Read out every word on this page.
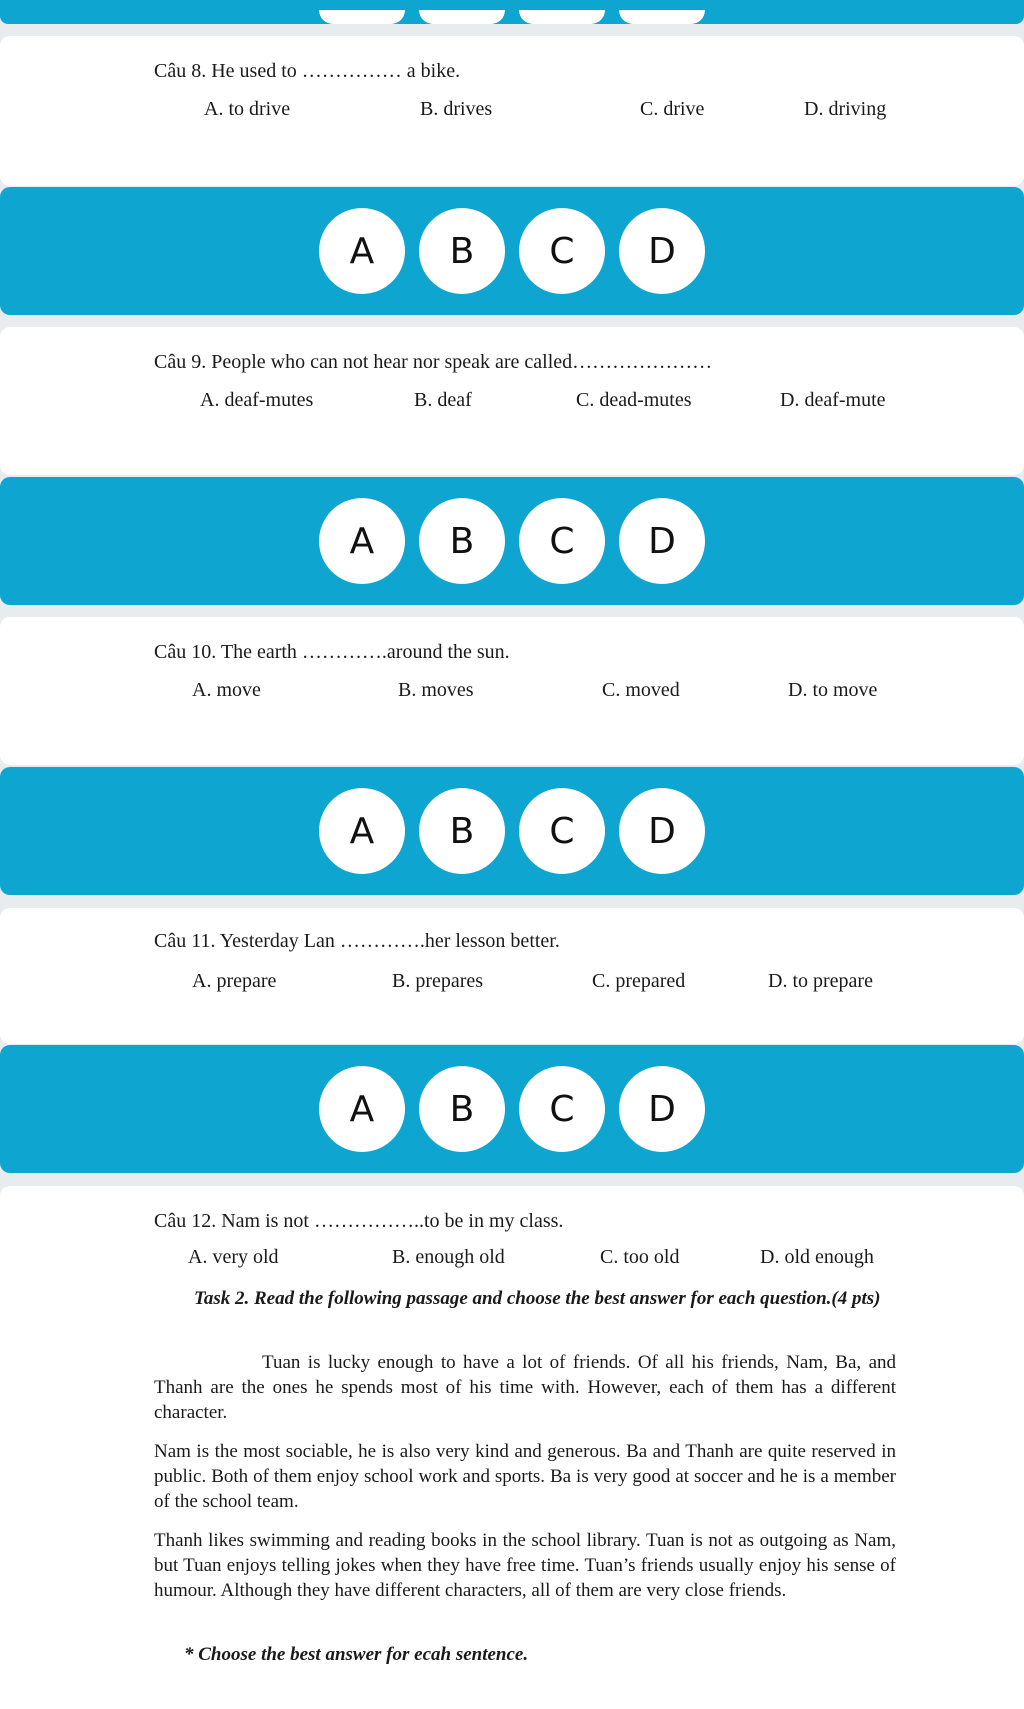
Câu 8. He used to …………… a bike.
A. to drive	B. drives	C. drive	D. driving
A	B	C	D
Câu 9. People who can not hear nor speak are called…………………
A. deaf-mutes	B. deaf	C. dead-mutes	D. deaf-mute
A	B	C	D
Câu 10. The earth ………….around the sun.
A. move	B. moves	C. moved	D. to move
A	B	C	D
Câu 11. Yesterday Lan ………….her lesson better.
A. prepare	B. prepares	C. prepared	D. to prepare
A	B	C	D
Câu 12. Nam is not ……………..to be in my class.
A. very old	B. enough old	C. too old	D. old enough
Task 2. Read the following passage and choose the best answer for each question.(4 pts)
Tuan is lucky enough to have a lot of friends. Of all his friends, Nam, Ba, and Thanh are the ones he spends most of his time with. However, each of them has a different character.
Nam is the most sociable, he is also very kind and generous. Ba and Thanh are quite reserved in public. Both of them enjoy school work and sports. Ba is very good at soccer and he is a member of the school team.
Thanh likes swimming and reading books in the school library. Tuan is not as outgoing as Nam, but Tuan enjoys telling jokes when they have free time. Tuan’s friends usually enjoy his sense of humour. Although they have different characters, all of them are very close friends.
* Choose the best answer for ecah sentence.
